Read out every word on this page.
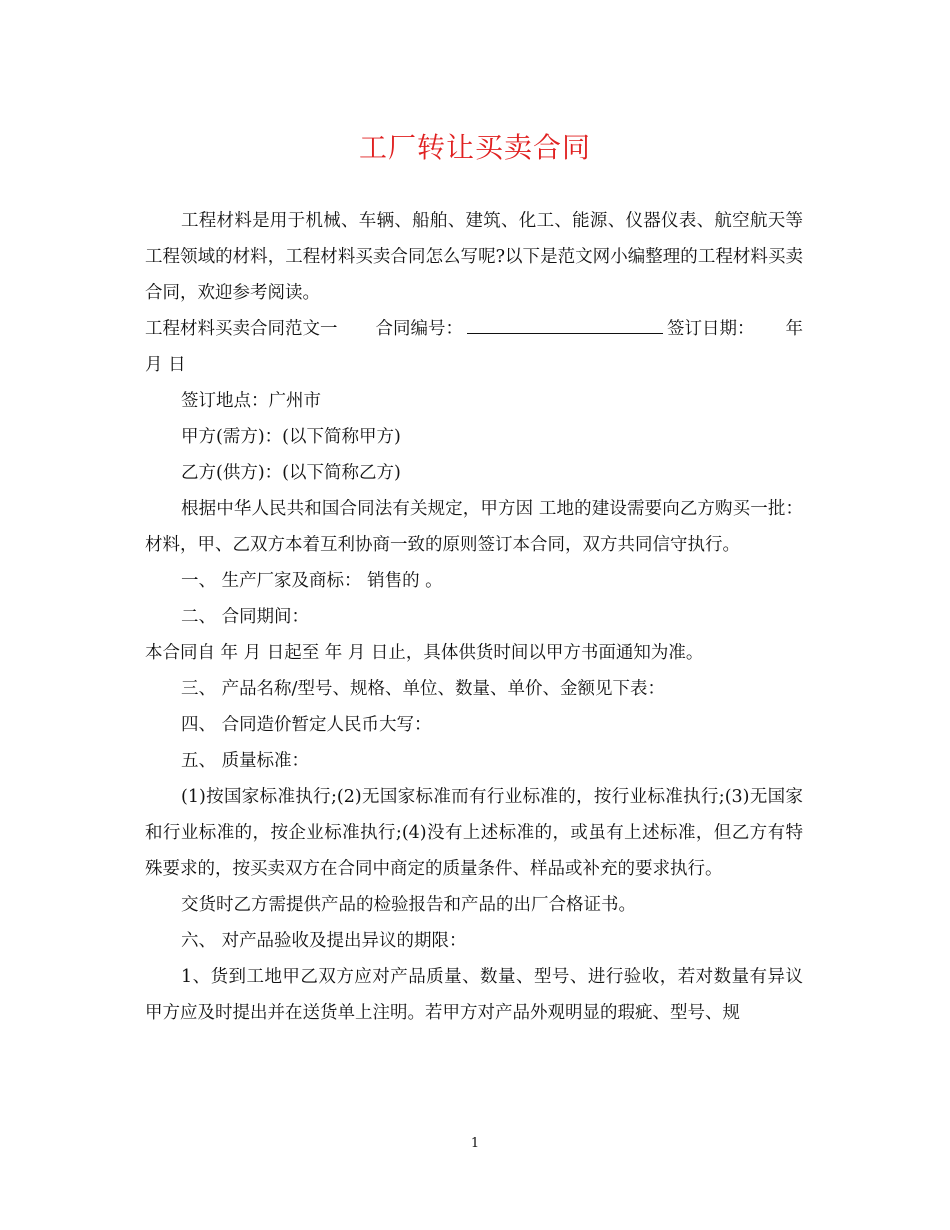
工厂转让买卖合同

工程材料是用于机械、车辆、船舶、建筑、化工、能源、仪器仪表、航空航天等工程领域的材料，工程材料买卖合同怎么写呢?以下是范文网小编整理的工程材料买卖合同，欢迎参考阅读。

工程材料买卖合同范文一 合同编号：	签订日期： 年

月 日

签订地点：广州市

甲方(需方)：(以下简称甲方)

乙方(供方)：(以下简称乙方)

根据中华人民共和国合同法有关规定，甲方因 工地的建设需要向乙方购买一批： 材料，甲、乙双方本着互利协商一致的原则签订本合同，双方共同信守执行。

一、 生产厂家及商标： 销售的 。

二、 合同期间：

本合同自 年 月 日起至 年 月 日止，具体供货时间以甲方书面通知为准。

三、 产品名称/型号、规格、单位、数量、单价、金额见下表：

四、 合同造价暂定人民币大写：

五、 质量标准：

(1)按国家标准执行;(2)无国家标准而有行业标准的，按行业标准执行;(3)无国家和行业标准的，按企业标准执行;(4)没有上述标准的，或虽有上述标准，但乙方有特殊要求的，按买卖双方在合同中商定的质量条件、样品或补充的要求执行。

交货时乙方需提供产品的检验报告和产品的出厂合格证书。

六、 对产品验收及提出异议的期限：

1、货到工地甲乙双方应对产品质量、数量、型号、进行验收，若对数量有异议甲方应及时提出并在送货单上注明。若甲方对产品外观明显的瑕疵、型号、规

1
